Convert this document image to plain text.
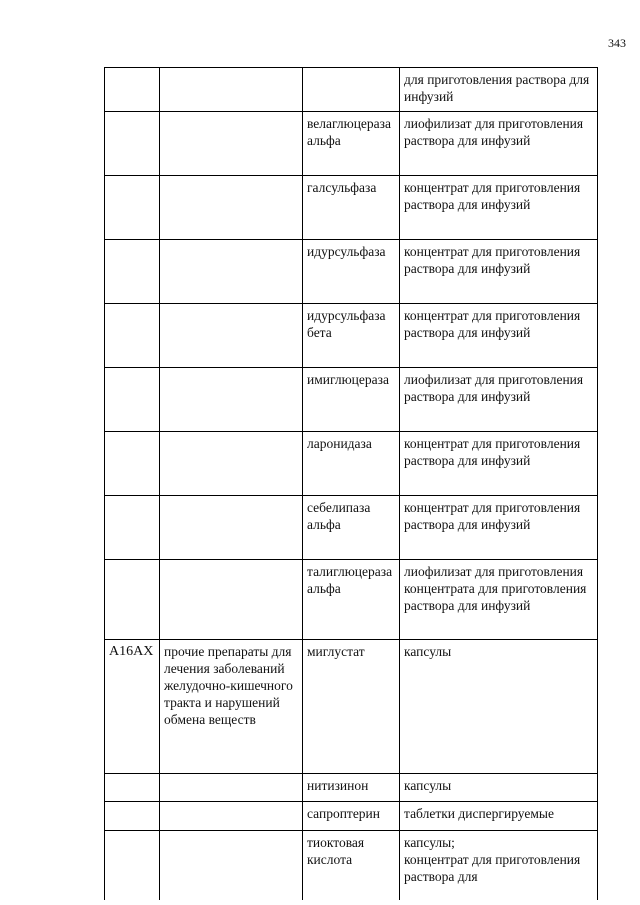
343
			для приготовления раствора для инфузий
		велаглюцераза альфа	лиофилизат для приготовления раствора для инфузий
		галсульфаза	концентрат для приготовления раствора для инфузий
		идурсульфаза	концентрат для приготовления раствора для инфузий
		идурсульфаза бета	концентрат для приготовления раствора для инфузий
		имиглюцераза	лиофилизат для приготовления раствора для инфузий
		ларонидаза	концентрат для приготовления раствора для инфузий
		себелипаза альфа	концентрат для приготовления раствора для инфузий
		талиглюцераза альфа	лиофилизат для приготовления концентрата для приготовления раствора для инфузий
A16AX	прочие препараты для лечения заболеваний желудочно-кишечного тракта и нарушений обмена веществ	миглустат	капсулы
		нитизинон	капсулы
		сапроптерин	таблетки диспергируемые
		тиоктовая кислота	капсулы;
концентрат для приготовления раствора для
